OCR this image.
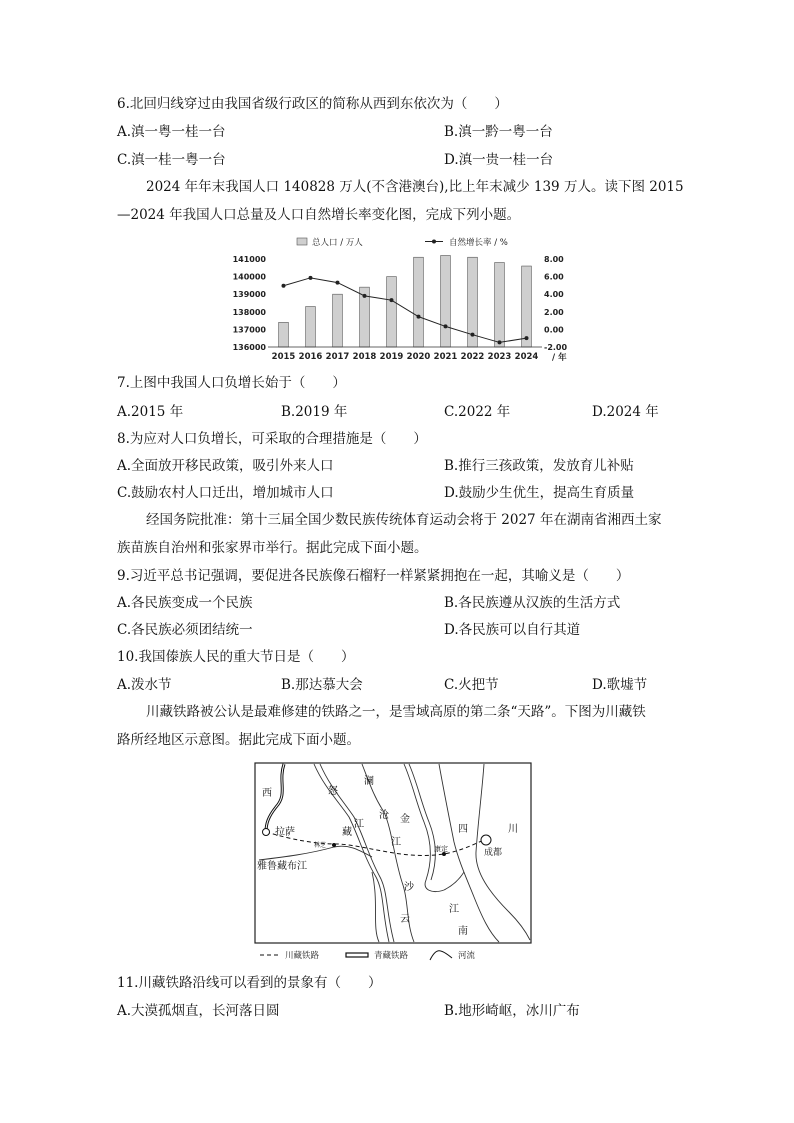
6.北回归线穿过由我国省级行政区的简称从西到东依次为（　　）
A.滇一粤一桂一台	B.滇一黔一粤一台
C.滇一桂一粤一台	D.滇一贵一桂一台
2024 年年末我国人口 140828 万人(不含港澳台),比上年末减少 139 万人。读下图 2015
—2024 年我国人口总量及人口自然增长率变化图，完成下列小题。
总人口 / 万人	自然增长率 / %
136000
137000
138000
139000
140000
141000
-2.00
0.00
2.00
4.00
6.00
8.00
2015 2016 2017 2018 2019 2020 2021 2022 2023 2024 / 年
7.上图中我国人口负增长始于（　　）
A.2015 年	B.2019 年	C.2022 年	D.2024 年
8.为应对人口负增长，可采取的合理措施是（　　）
A.全面放开移民政策，吸引外来人口	B.推行三孩政策，发放育儿补贴
C.鼓励农村人口迁出，增加城市人口	D.鼓励少生优生，提高生育质量
经国务院批准：第十三届全国少数民族传统体育运动会将于 2027 年在湖南省湘西土家
族苗族自治州和张家界市举行。据此完成下面小题。
9.习近平总书记强调，要促进各民族像石榴籽一样紧紧拥抱在一起，其喻义是（　　）
A.各民族变成一个民族	B.各民族遵从汉族的生活方式
C.各民族必须团结统一	D.各民族可以自行其道
10.我国傣族人民的重大节日是（　　）
A.泼水节	B.那达慕大会	C.火把节	D.歌墟节
川藏铁路被公认是最难修建的铁路之一，是雪域高原的第二条“天路”。下图为川藏铁
路所经地区示意图。据此完成下面小题。
西
藏
怒
江
澜
沧
江
金
沙
四	川
拉萨
林芝
雅鲁藏布江
康定	成都
云
江
南
川藏铁路	青藏铁路	河流
11.川藏铁路沿线可以看到的景象有（　　）
A.大漠孤烟直，长河落日圆	B.地形崎岖，冰川广布
